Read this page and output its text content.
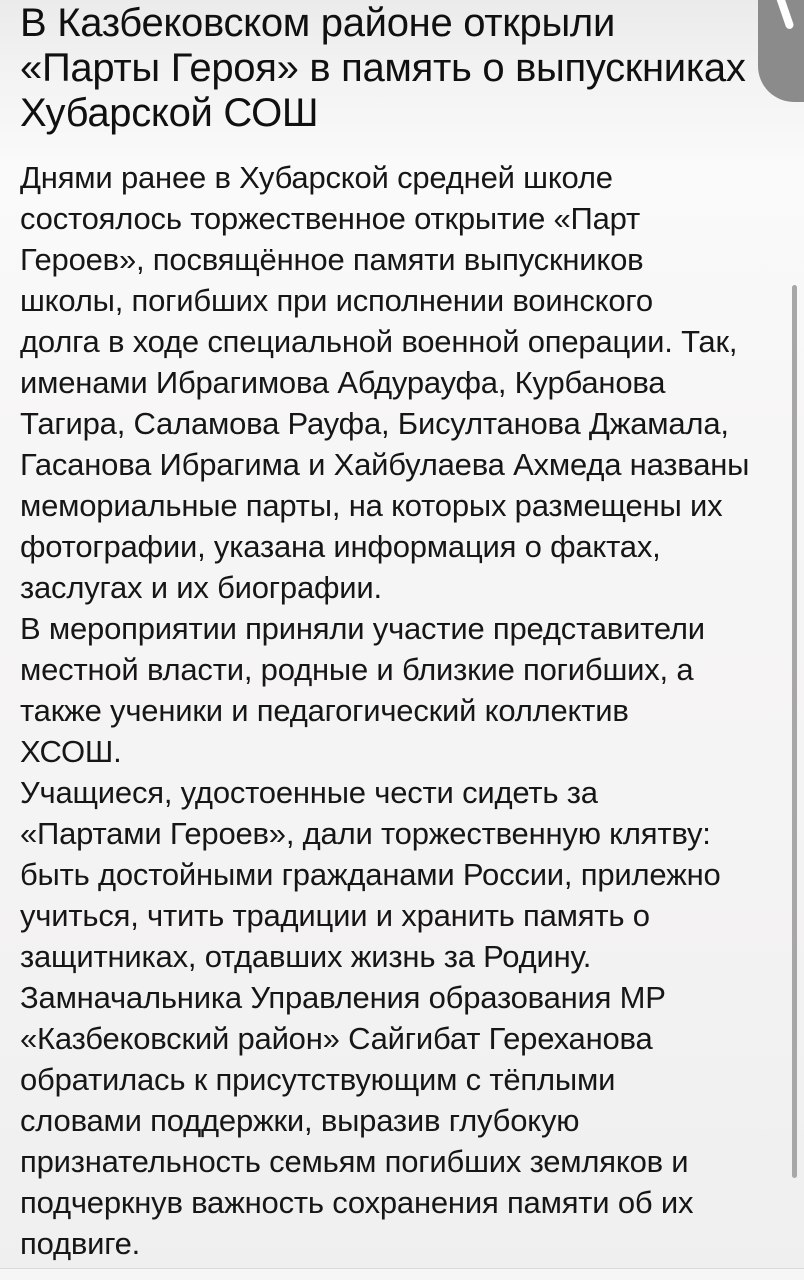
В Казбековском районе открыли
«Парты Героя» в память о выпускниках
Хубарской СОШ
Днями ранее в Хубарской средней школе
состоялось торжественное открытие «Парт
Героев», посвящённое памяти выпускников
школы, погибших при исполнении воинского
долга в ходе специальной военной операции. Так,
именами Ибрагимова Абдурауфа, Курбанова
Тагира, Саламова Рауфа, Бисултанова Джамала,
Гасанова Ибрагима и Хайбулаева Ахмеда названы
мемориальные парты, на которых размещены их
фотографии, указана информация о фактах,
заслугах и их биографии.
В мероприятии приняли участие представители
местной власти, родные и близкие погибших, а
также ученики и педагогический коллектив
ХСОШ.
Учащиеся, удостоенные чести сидеть за
«Партами Героев», дали торжественную клятву:
быть достойными гражданами России, прилежно
учиться, чтить традиции и хранить память о
защитниках, отдавших жизнь за Родину.
Замначальника Управления образования МР
«Казбековский район» Сайгибат Гереханова
обратилась к присутствующим с тёплыми
словами поддержки, выразив глубокую
признательность семьям погибших земляков и
подчеркнув важность сохранения памяти об их
подвиге.
